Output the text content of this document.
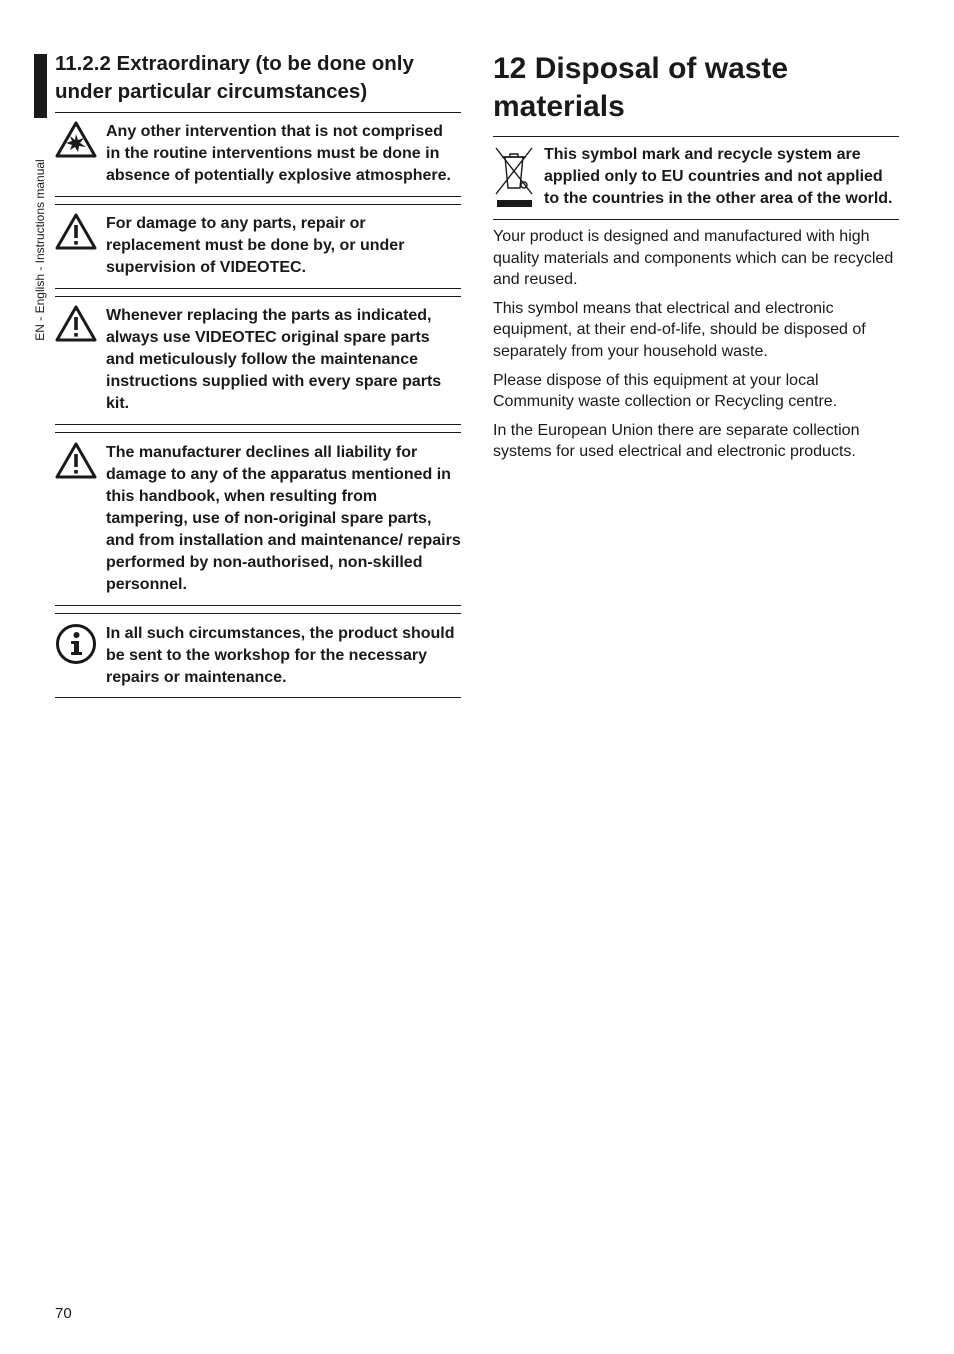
EN - English - Instructions manual
11.2.2 Extraordinary (to be done only under particular circumstances)
Any other intervention that is not comprised in the routine interventions must be done in absence of potentially explosive atmosphere.
For damage to any parts, repair or replacement must be done by, or under supervision of VIDEOTEC.
Whenever replacing the parts as indicated, always use VIDEOTEC original spare parts and meticulously follow the maintenance instructions supplied with every spare parts kit.
The manufacturer declines all liability for damage to any of the apparatus mentioned in this handbook, when resulting from tampering, use of non-original spare parts, and from installation and maintenance/ repairs performed by non-authorised, non-skilled personnel.
In all such circumstances, the product should be sent to the workshop for the necessary repairs or maintenance.
12 Disposal of waste materials
This symbol mark and recycle system are applied only to EU countries and not applied to the countries in the other area of the world.

Your product is designed and manufactured with high quality materials and components which can be recycled and reused.

This symbol means that electrical and electronic equipment, at their end-of-life, should be disposed of separately from your household waste.

Please dispose of this equipment at your local Community waste collection or Recycling centre.

In the European Union there are separate collection systems for used electrical and electronic products.

70
